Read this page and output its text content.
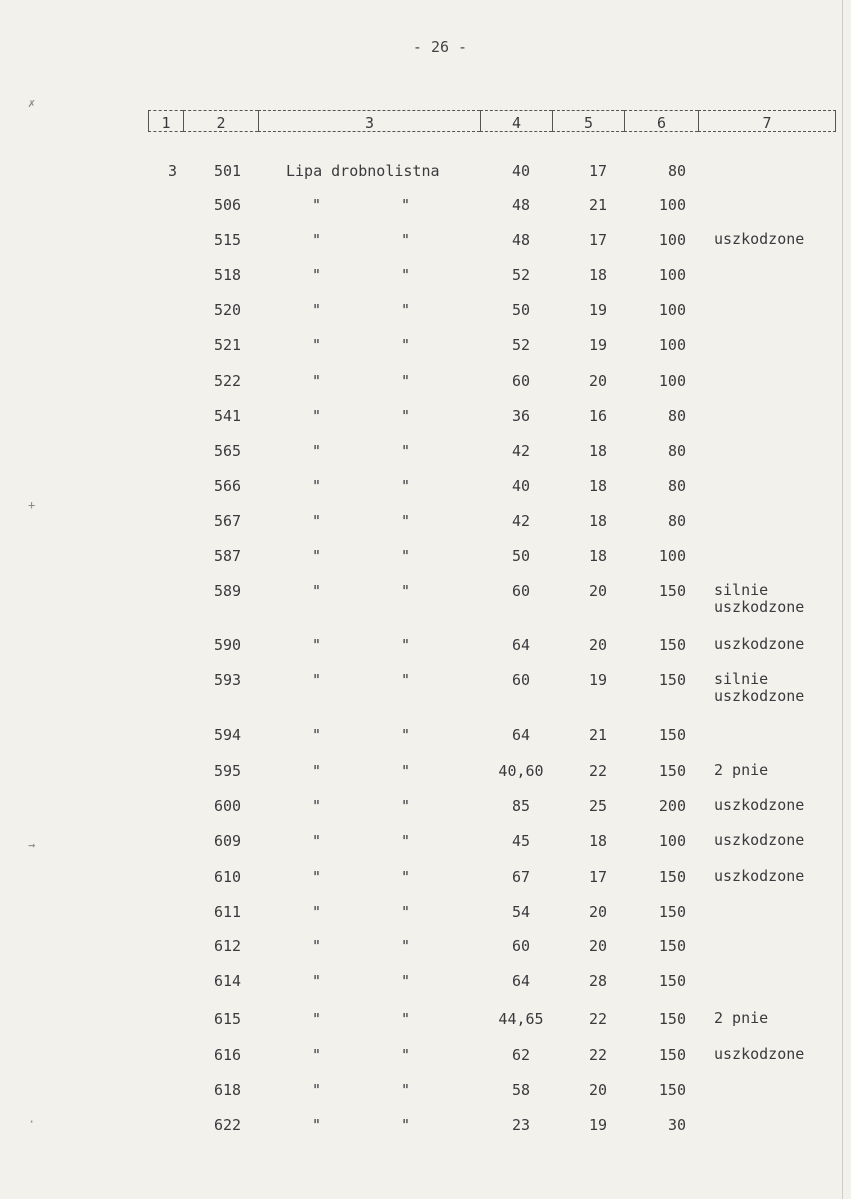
- 26 -
✗
+
→
·
1	2	3	4	5	6	7
3 501	Lipa drobnolistna	40	17	80
506	"	"	48	21	100
515	"	"	48	17	100 uszkodzone
518	"	"	52	18	100
520	"	"	50	19	100
521	"	"	52	19	100
522	"	"	60	20	100
541	"	"	36	16	80
565	"	"	42	18	80
566	"	"	40	18	80
567	"	"	42	18	80
587	"	"	50	18	100
589	"	"	60	20	150 silnie
uszkodzone
590	"	"	64	20	150 uszkodzone
593	"	"	60	19	150 silnie
uszkodzone
594	"	"	64	21	150
595	"	"	40,60	22	150 2 pnie
600	"	"	85	25	200 uszkodzone
609	"	"	45	18	100 uszkodzone
610	"	"	67	17	150 uszkodzone
611	"	"	54	20	150
612	"	"	60	20	150
614	"	"	64	28	150
615	"	"	44,65	22	150 2 pnie
616	"	"	62	22	150 uszkodzone
618	"	"	58	20	150
622	"	"	23	19	30
